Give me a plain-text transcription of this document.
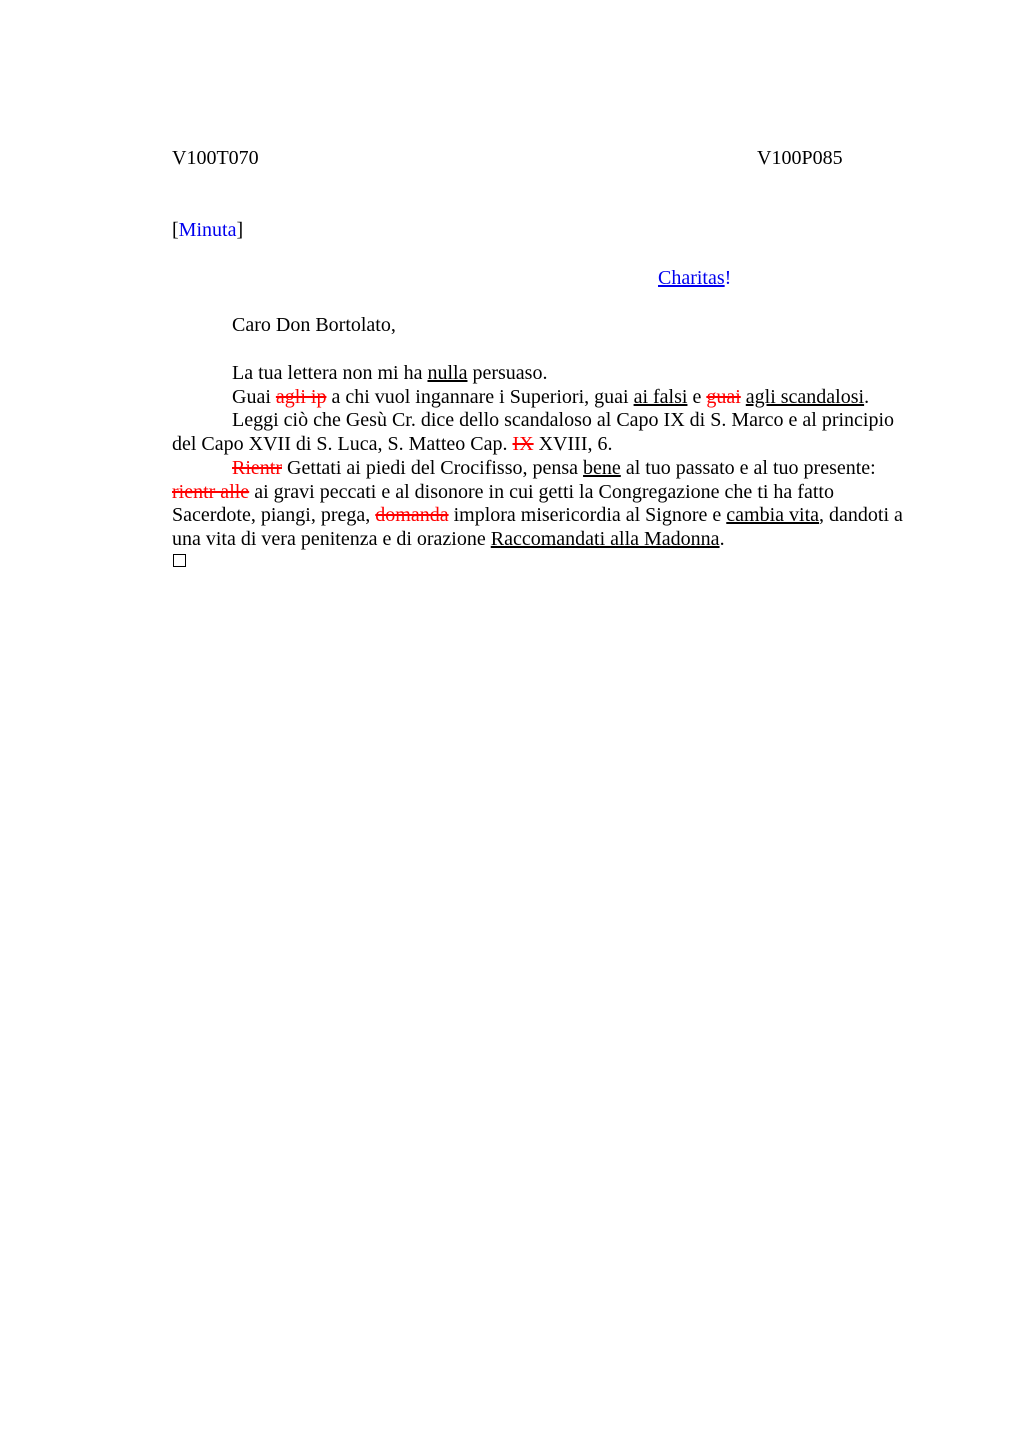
V100T070	V100P085
[Minuta]
Charitas!
Caro Don Bortolato,
La tua lettera non mi ha nulla persuaso.
Guai agli ip a chi vuol ingannare i Superiori, guai ai falsi e guai agli scandalosi.
Leggi ciò che Gesù Cr. dice dello scandaloso al Capo IX di S. Marco e al principio
del Capo XVII di S. Luca, S. Matteo Cap. IX XVIII, 6.
Rientr Gettati ai piedi del Crocifisso, pensa bene al tuo passato e al tuo presente:
rientr alle ai gravi peccati e al disonore in cui getti la Congregazione che ti ha fatto
Sacerdote, piangi, prega, domanda implora misericordia al Signore e cambia vita, dandoti a
una vita di vera penitenza e di orazione Raccomandati alla Madonna.
